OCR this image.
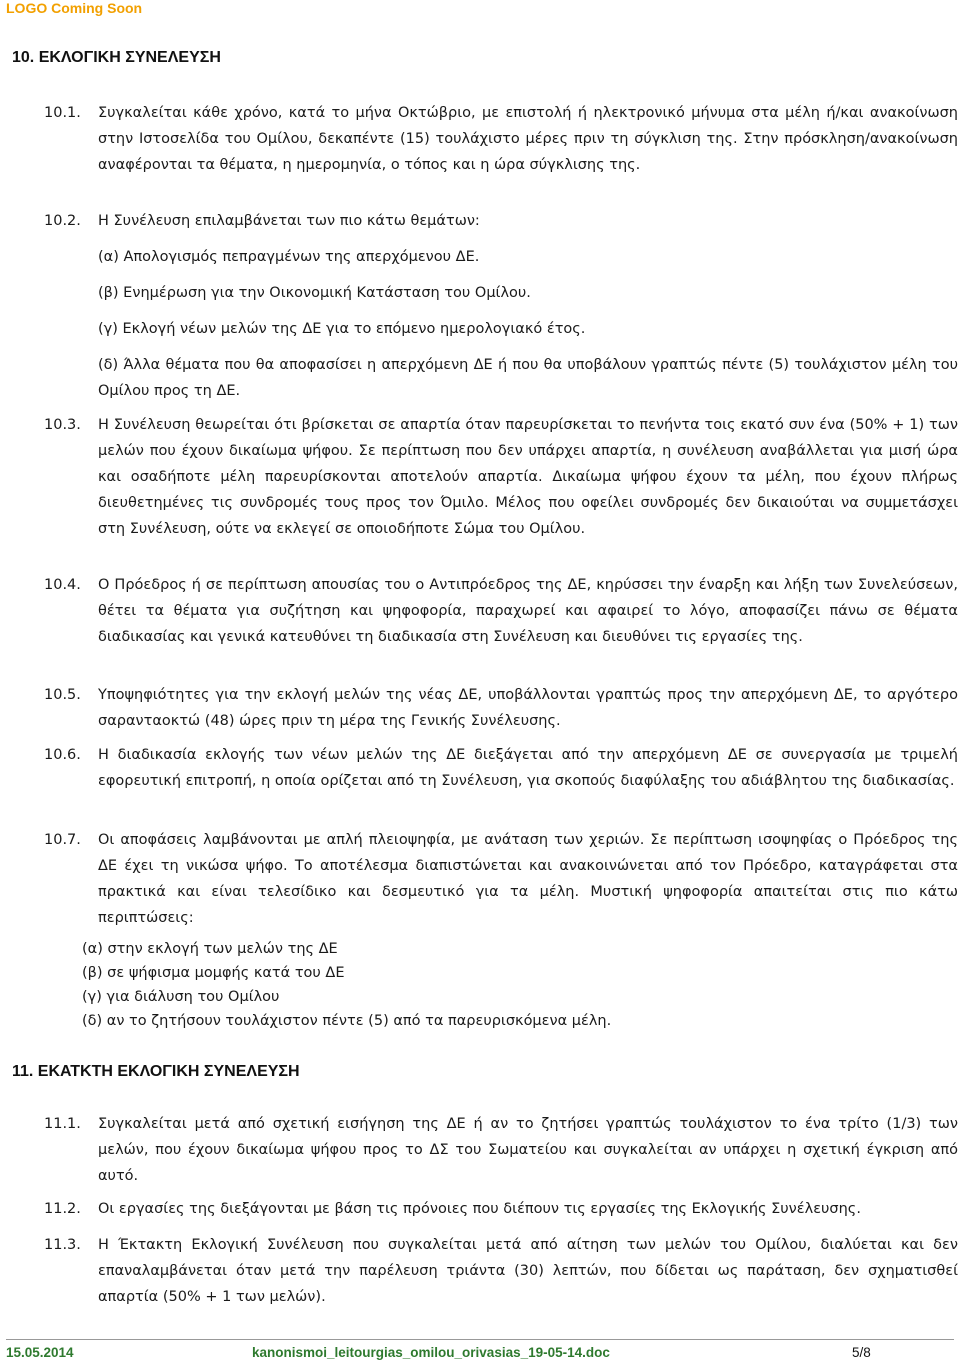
LOGO Coming Soon
10. ΕΚΛΟΓΙΚΗ ΣΥΝΕΛΕΥΣΗ
10.1. Συγκαλείται κάθε χρόνο, κατά το μήνα Οκτώβριο, με επιστολή ή ηλεκτρονικό μήνυμα στα μέλη ή/και ανακοίνωση στην Ιστοσελίδα του Ομίλου, δεκαπέντε (15) τουλάχιστο μέρες πριν τη σύγκλιση της. Στην πρόσκληση/ανακοίνωση αναφέρονται τα θέματα, η ημερομηνία, ο τόπος και η ώρα σύγκλισης της.
10.2. Η Συνέλευση επιλαμβάνεται των πιο κάτω θεμάτων:
(α) Απολογισμός πεπραγμένων της απερχόμενου ΔΕ.
(β) Ενημέρωση για την Οικονομική Κατάσταση του Ομίλου.
(γ) Εκλογή νέων μελών της ΔΕ για το επόμενο ημερολογιακό έτος.
(δ) Άλλα θέματα που θα αποφασίσει η απερχόμενη ΔΕ ή που θα υποβάλουν γραπτώς πέντε (5) τουλάχιστον μέλη του Ομίλου προς τη ΔΕ.
10.3. Η Συνέλευση θεωρείται ότι βρίσκεται σε απαρτία όταν παρευρίσκεται το πενήντα τοις εκατό συν ένα (50% + 1) των μελών που έχουν δικαίωμα ψήφου. Σε περίπτωση που δεν υπάρχει απαρτία, η συνέλευση αναβάλλεται για μισή ώρα και οσαδήποτε μέλη παρευρίσκονται αποτελούν απαρτία. Δικαίωμα ψήφου έχουν τα μέλη, που έχουν πλήρως διευθετημένες τις συνδρομές τους προς τον Όμιλο. Μέλος που οφείλει συνδρομές δεν δικαιούται να συμμετάσχει στη Συνέλευση, ούτε να εκλεγεί σε οποιοδήποτε Σώμα του Ομίλου.
10.4. Ο Πρόεδρος ή σε περίπτωση απουσίας του ο Αντιπρόεδρος της ΔΕ, κηρύσσει την έναρξη και λήξη των Συνελεύσεων, θέτει τα θέματα για συζήτηση και ψηφοφορία, παραχωρεί και αφαιρεί το λόγο, αποφασίζει πάνω σε θέματα διαδικασίας και γενικά κατευθύνει τη διαδικασία στη Συνέλευση και διευθύνει τις εργασίες της.
10.5. Υποψηφιότητες για την εκλογή μελών της νέας ΔΕ, υποβάλλονται γραπτώς προς την απερχόμενη ΔΕ, το αργότερο σαρανταοκτώ (48) ώρες πριν τη μέρα της Γενικής Συνέλευσης.
10.6. Η διαδικασία εκλογής των νέων μελών της ΔΕ διεξάγεται από την απερχόμενη ΔΕ σε συνεργασία με τριμελή εφορευτική επιτροπή, η οποία ορίζεται από τη Συνέλευση, για σκοπούς διαφύλαξης του αδιάβλητου της διαδικασίας.
10.7. Οι αποφάσεις λαμβάνονται με απλή πλειοψηφία, με ανάταση των χεριών. Σε περίπτωση ισοψηφίας ο Πρόεδρος της ΔΕ έχει τη νικώσα ψήφο. Το αποτέλεσμα διαπιστώνεται και ανακοινώνεται από τον Πρόεδρο, καταγράφεται στα πρακτικά και είναι τελεσίδικο και δεσμευτικό για τα μέλη. Μυστική ψηφοφορία απαιτείται στις πιο κάτω περιπτώσεις:
(α) στην εκλογή των μελών της ΔΕ
(β) σε ψήφισμα μομφής κατά του ΔΕ
(γ) για διάλυση του Ομίλου
(δ) αν το ζητήσουν τουλάχιστον πέντε (5) από τα παρευρισκόμενα μέλη.
11. ΕΚΑΤΚΤΗ ΕΚΛΟΓΙΚΗ ΣΥΝΕΛΕΥΣΗ
11.1. Συγκαλείται μετά από σχετική εισήγηση της ΔΕ ή αν το ζητήσει γραπτώς τουλάχιστον το ένα τρίτο (1/3) των μελών, που έχουν δικαίωμα ψήφου προς το ΔΣ του Σωματείου και συγκαλείται αν υπάρχει η σχετική έγκριση από αυτό.
11.2. Οι εργασίες της διεξάγονται με βάση τις πρόνοιες που διέπουν τις εργασίες της Εκλογικής Συνέλευσης.
11.3. Η Έκτακτη Εκλογική Συνέλευση που συγκαλείται μετά από αίτηση των μελών του Ομίλου, διαλύεται και δεν επαναλαμβάνεται όταν μετά την παρέλευση τριάντα (30) λεπτών, που δίδεται ως παράταση, δεν σχηματισθεί απαρτία (50% + 1 των μελών).
15.05.2014	kanonismoi_leitourgias_omilou_orivasias_19-05-14.doc	5/8
